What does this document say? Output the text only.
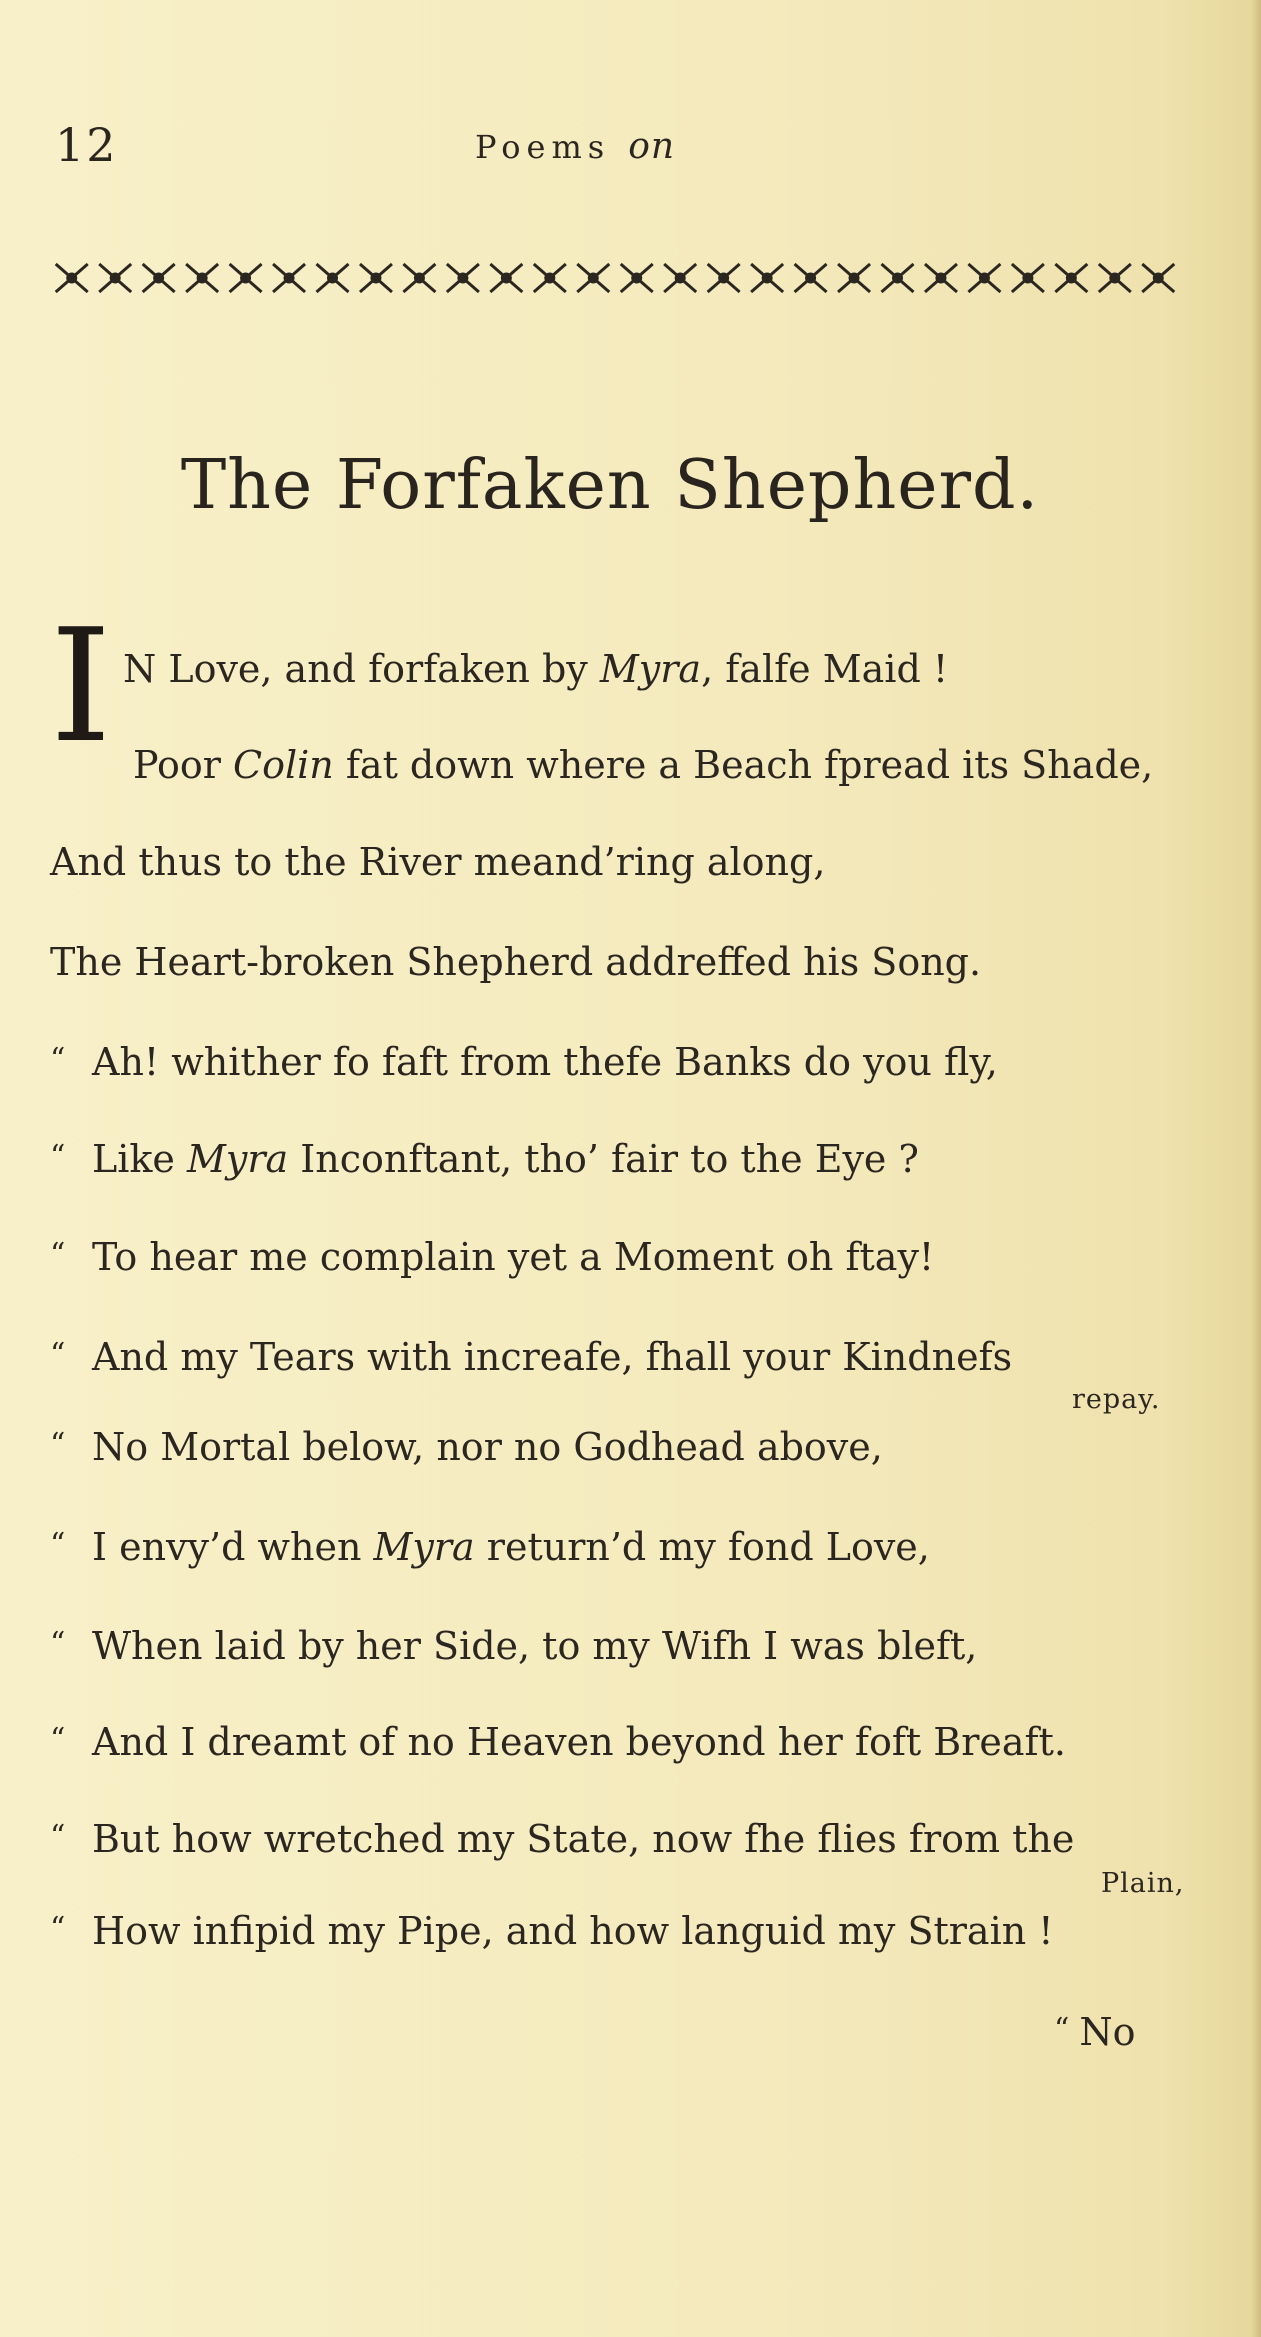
12	Poems on
The Forfaken Shepherd.
I N Love, and forfaken by Myra, falfe Maid !
Poor Colin fat down where a Beach fpread its Shade,
And thus to the River meand’ring along,
The Heart-broken Shepherd addreffed his Song.
“ Ah! whither fo faft from thefe Banks do you fly,
“ Like Myra Inconftant, tho’ fair to the Eye ?
“ To hear me complain yet a Moment oh ftay!
“ And my Tears with increafe, fhall your Kindnefs
repay.
“ No Mortal below, nor no Godhead above,
“ I envy’d when Myra return’d my fond Love,
“ When laid by her Side, to my Wifh I was bleft,
“ And I dreamt of no Heaven beyond her foft Breaft.
“ But how wretched my State, now fhe flies from the
Plain,
“ How infipid my Pipe, and how languid my Strain !
“ No
